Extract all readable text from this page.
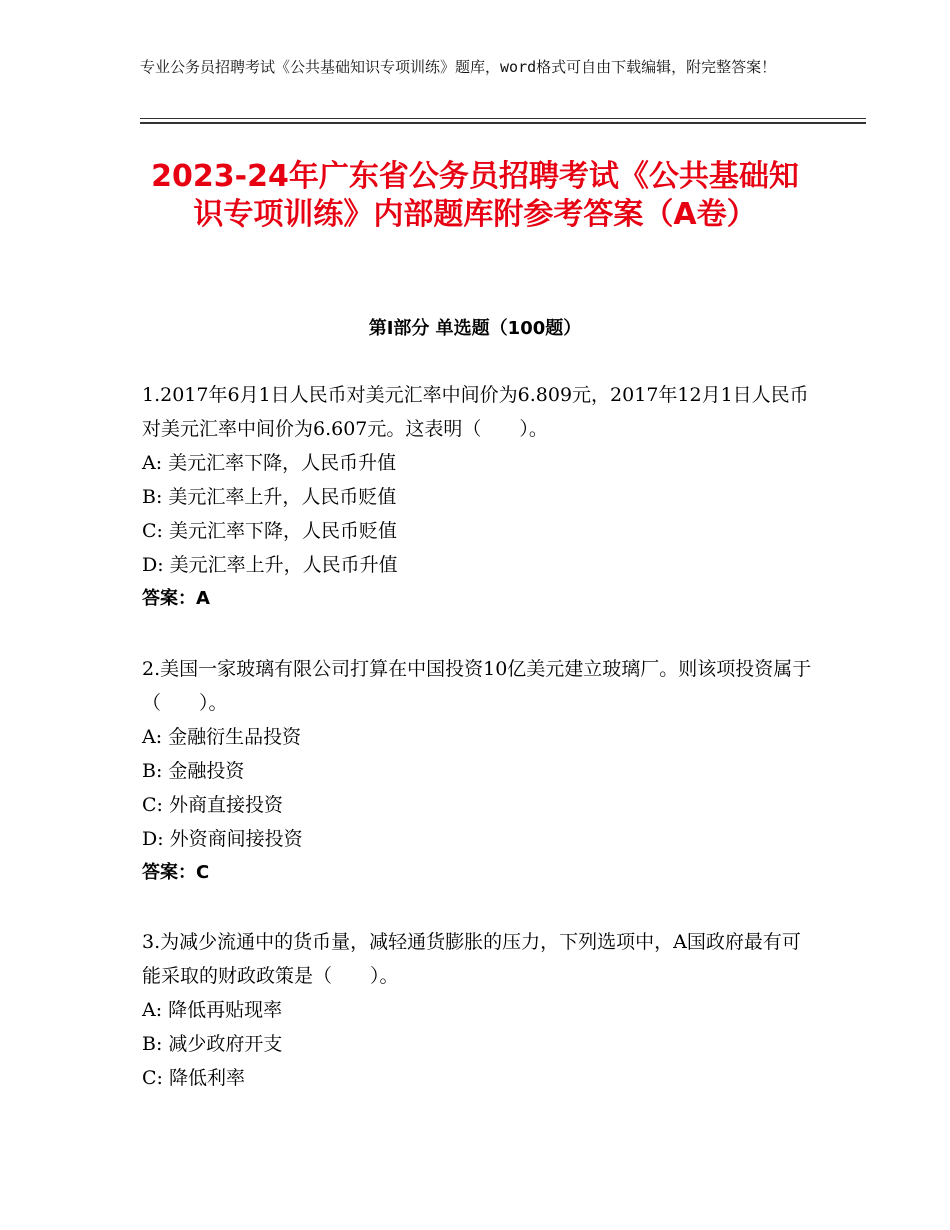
专业公务员招聘考试《公共基础知识专项训练》题库，word格式可自由下载编辑，附完整答案！
2023-24年广东省公务员招聘考试《公共基础知识专项训练》内部题库附参考答案（A卷）
第I部分 单选题（100题）
1.2017年6月1日人民币对美元汇率中间价为6.809元，2017年12月1日人民币对美元汇率中间价为6.607元。这表明（　　）。
A: 美元汇率下降，人民币升值
B: 美元汇率上升，人民币贬值
C: 美元汇率下降，人民币贬值
D: 美元汇率上升，人民币升值
答案：A
2.美国一家玻璃有限公司打算在中国投资10亿美元建立玻璃厂。则该项投资属于（　　）。
A: 金融衍生品投资
B: 金融投资
C: 外商直接投资
D: 外资商间接投资
答案：C
3.为减少流通中的货币量，减轻通货膨胀的压力，下列选项中，A国政府最有可能采取的财政政策是（　　）。
A: 降低再贴现率
B: 减少政府开支
C: 降低利率
